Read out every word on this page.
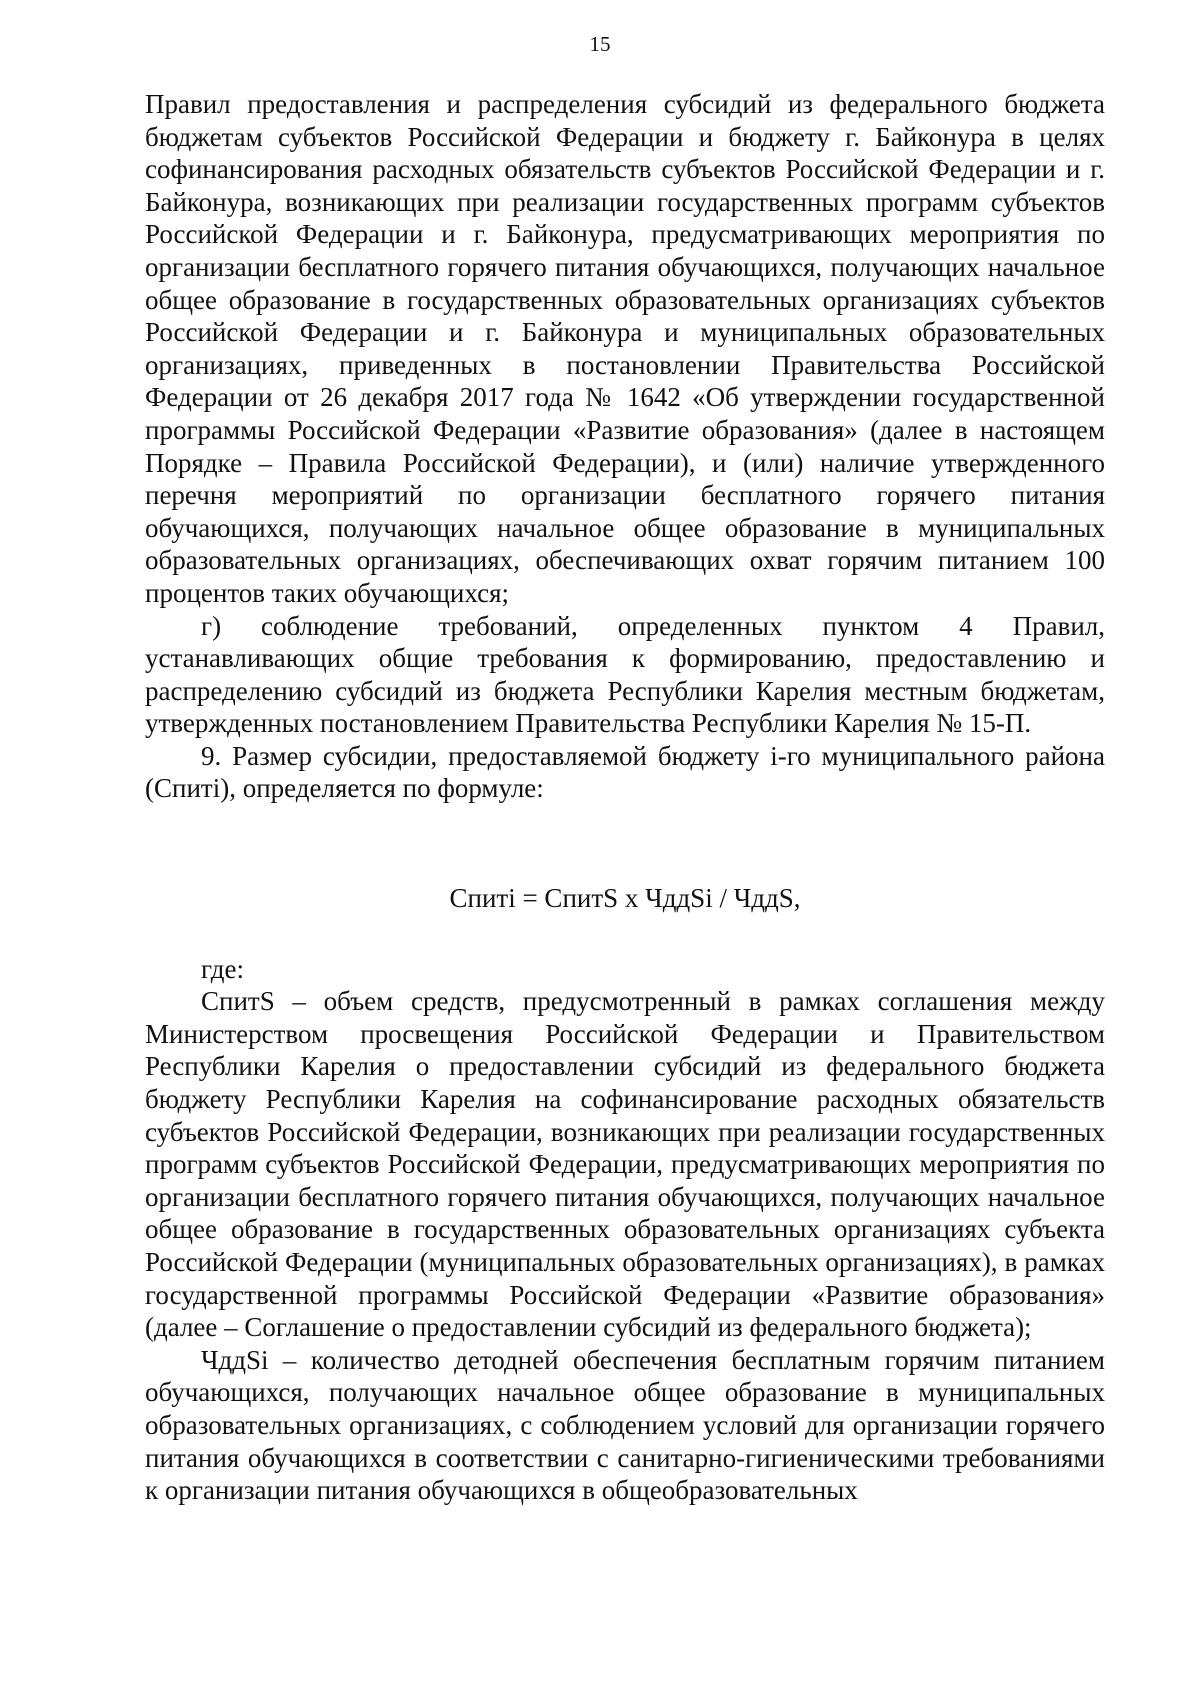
15

Правил предоставления и распределения субсидий из федерального бюджета бюджетам субъектов Российской Федерации и бюджету г. Байконура в целях софинансирования расходных обязательств субъектов Российской Федерации и г. Байконура, возникающих при реализации государственных программ субъектов Российской Федерации и г. Байконура, предусматривающих мероприятия по организации бесплатного горячего питания обучающихся, получающих начальное общее образование в государственных образовательных организациях субъектов Российской Федерации и г. Байконура и муниципальных образовательных организациях, приведенных в постановлении Правительства Российской Федерации от 26 декабря 2017 года № 1642 «Об утверждении государственной программы Российской Федерации «Развитие образования» (далее в настоящем Порядке – Правила Российской Федерации), и (или) наличие утвержденного перечня мероприятий по организации бесплатного горячего питания обучающихся, получающих начальное общее образование в муниципальных образовательных организациях, обеспечивающих охват горячим питанием 100 процентов таких обучающихся;

г) соблюдение требований, определенных пунктом 4 Правил, устанавливающих общие требования к формированию, предоставлению и распределению субсидий из бюджета Республики Карелия местным бюджетам, утвержденных постановлением Правительства Республики Карелия № 15-П.

9. Размер субсидии, предоставляемой бюджету i-го муниципального района (Cпитi), определяется по формуле:

Cпитi = CпитS x ЧддSi / ЧддS,

где:

CпитS – объем средств, предусмотренный в рамках соглашения между Министерством просвещения Российской Федерации и Правительством Республики Карелия о предоставлении субсидий из федерального бюджета бюджету Республики Карелия на софинансирование расходных обязательств субъектов Российской Федерации, возникающих при реализации государственных программ субъектов Российской Федерации, предусматривающих мероприятия по организации бесплатного горячего питания обучающихся, получающих начальное общее образование в государственных образовательных организациях субъекта Российской Федерации (муниципальных образовательных организациях), в рамках государственной программы Российской Федерации «Развитие образования» (далее – Соглашение о предоставлении субсидий из федерального бюджета);

ЧддSi – количество детодней обеспечения бесплатным горячим питанием обучающихся, получающих начальное общее образование в муниципальных образовательных организациях, с соблюдением условий для организации горячего питания обучающихся в соответствии с санитарно-гигиеническими требованиями к организации питания обучающихся в общеобразовательных
